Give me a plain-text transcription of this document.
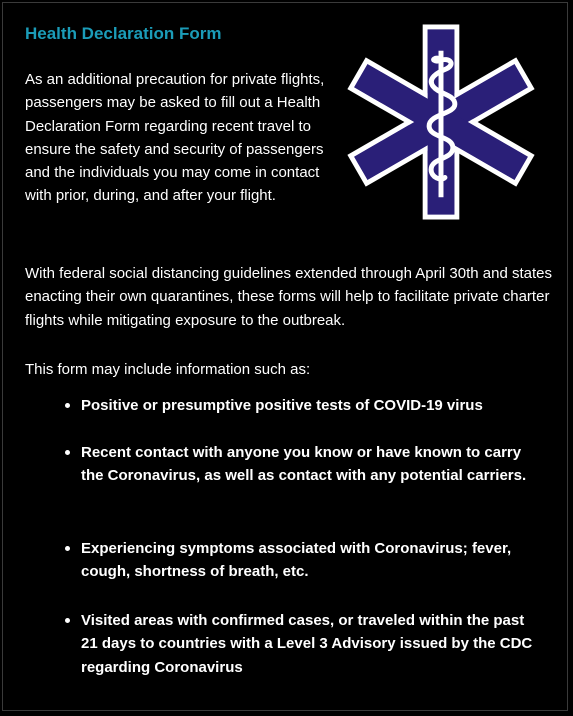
Health Declaration Form

As an additional precaution for private flights, passengers may be asked to fill out a Health Declaration Form regarding recent travel to ensure the safety and security of passengers and the individuals you may come in contact with prior, during, and after your flight.

With federal social distancing guidelines extended through April 30th and states enacting their own quarantines, these forms will help to facilitate private charter flights while mitigating exposure to the outbreak.

This form may include information such as:

Positive or presumptive positive tests of COVID-19 virus
Recent contact with anyone you know or have known to carry the Coronavirus, as well as contact with any potential carriers.
Experiencing symptoms associated with Coronavirus; fever, cough, shortness of breath, etc.
Visited areas with confirmed cases, or traveled within the past 21 days to countries with a Level 3 Advisory issued by the CDC regarding Coronavirus
